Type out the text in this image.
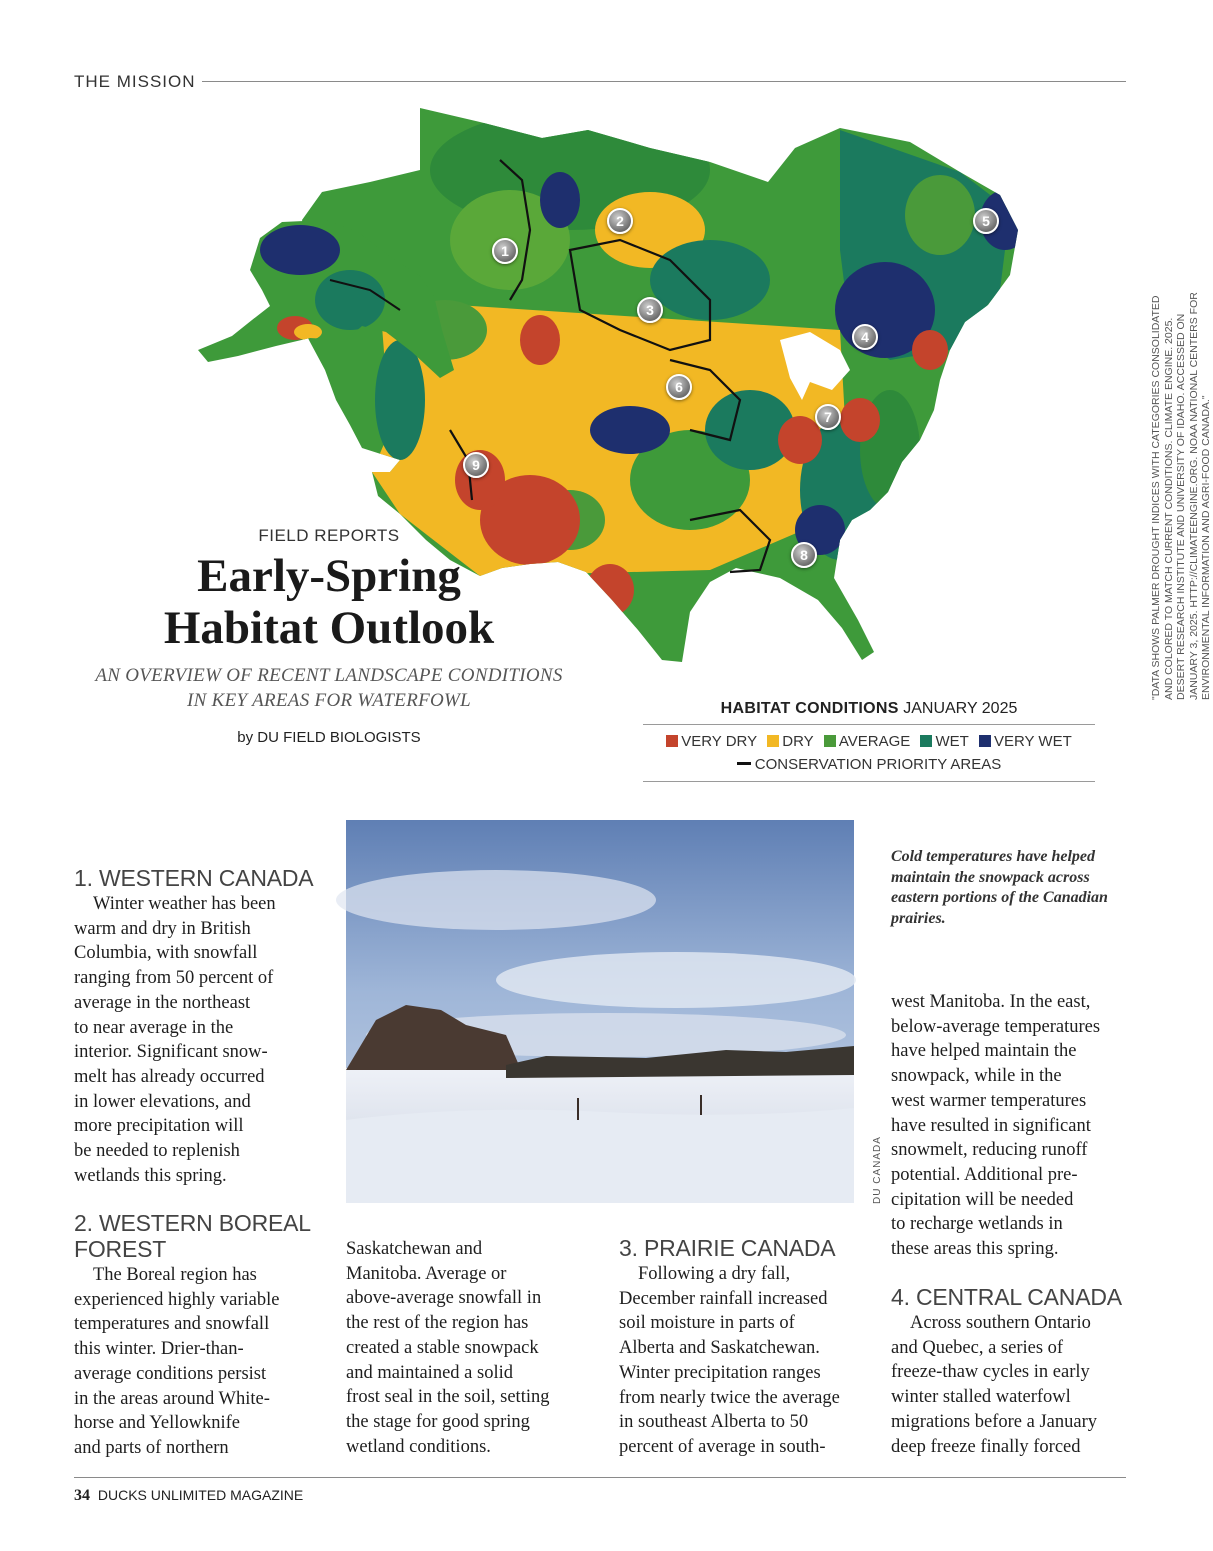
THE MISSION
1
2
3
4
5
6
7
8
9	"DATA SHOWS PALMER DROUGHT INDICES WITH CATEGORIES CONSOLIDATED AND COLORED TO MATCH CURRENT CONDITIONS. CLIMATE ENGINE. 2025. DESERT RESEARCH INSTITUTE AND UNIVERSITY OF IDAHO. ACCESSED ON JANUARY 3, 2025. HTTP://CLIMATEENGINE.ORG. NOAA NATIONAL CENTERS FOR ENVIRONMENTAL INFORMATION AND AGRI-FOOD CANADA."
FIELD REPORTS
Early-Spring
Habitat Outlook
AN OVERVIEW OF RECENT LANDSCAPE CONDITIONS
IN KEY AREAS FOR WATERFOWL
by DU FIELD BIOLOGISTS
HABITAT CONDITIONS JANUARY 2025
VERY DRY DRY AVERAGE WET VERY WET
CONSERVATION PRIORITY AREAS
DU CANADA
Cold temperatures have helped maintain the snowpack across eastern portions of the Canadian prairies.
1. WESTERN CANADA

Winter weather has been

warm and dry in British

Columbia, with snowfall

ranging from 50 percent of

average in the northeast

to near average in the

interior. Significant snow-

melt has already occurred

in lower elevations, and

more precipitation will

be needed to replenish

wetlands this spring.

2. WESTERN BOREAL
FOREST

The Boreal region has

experienced highly variable

temperatures and snowfall

this winter. Drier-than-

average conditions persist

in the areas around White-

horse and Yellowknife

and parts of northern

Saskatchewan and

Manitoba. Average or

above-average snowfall in

the rest of the region has

created a stable snowpack

and maintained a solid

frost seal in the soil, setting

the stage for good spring

wetland conditions.

3. PRAIRIE CANADA

Following a dry fall,

December rainfall increased

soil moisture in parts of

Alberta and Saskatchewan.

Winter precipitation ranges

from nearly twice the average

in southeast Alberta to 50

percent of average in south-

west Manitoba. In the east,

below-average temperatures

have helped maintain the

snowpack, while in the

west warmer temperatures

have resulted in significant

snowmelt, reducing runoff

potential. Additional pre-

cipitation will be needed

to recharge wetlands in

these areas this spring.

4. CENTRAL CANADA

Across southern Ontario

and Quebec, a series of

freeze-thaw cycles in early

winter stalled waterfowl

migrations before a January

deep freeze finally forced

34 DUCKS UNLIMITED MAGAZINE
